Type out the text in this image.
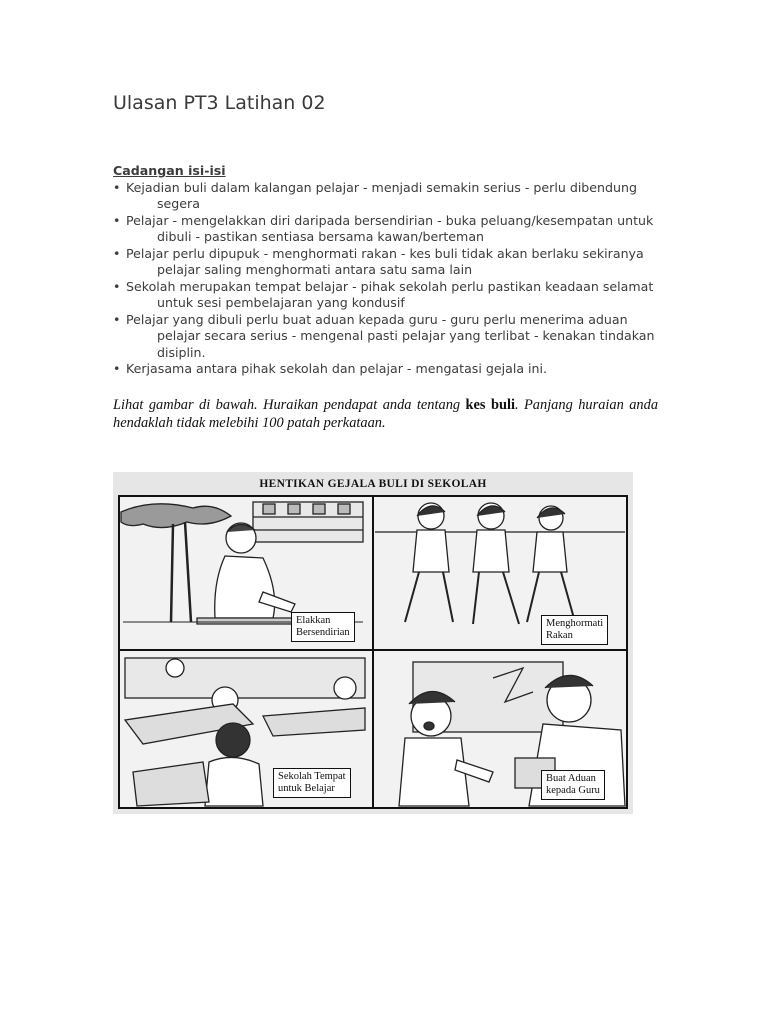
Ulasan PT3 Latihan 02

Cadangan isi-isi

• Kejadian buli dalam kalangan pelajar - menjadi semakin serius - perlu dibendung segera
• Pelajar - mengelakkan diri daripada bersendirian - buka peluang/kesempatan untuk dibuli - pastikan sentiasa bersama kawan/berteman
• Pelajar perlu dipupuk - menghormati rakan - kes buli tidak akan berlaku sekiranya pelajar saling menghormati antara satu sama lain
• Sekolah merupakan tempat belajar - pihak sekolah perlu pastikan keadaan selamat untuk sesi pembelajaran yang kondusif
• Pelajar yang dibuli perlu buat aduan kepada guru - guru perlu menerima aduan pelajar secara serius - mengenal pasti pelajar yang terlibat - kenakan tindakan disiplin.
• Kerjasama antara pihak sekolah dan pelajar - mengatasi gejala ini.
Lihat gambar di bawah. Huraikan pendapat anda tentang kes buli. Panjang huraian anda hendaklah tidak melebihi 100 patah perkataan.
HENTIKAN GEJALA BULI DI SEKOLAH
Elakkan
Bersendirian
Menghormati
Rakan
Sekolah Tempat
untuk Belajar
Buat Aduan
kepada Guru
